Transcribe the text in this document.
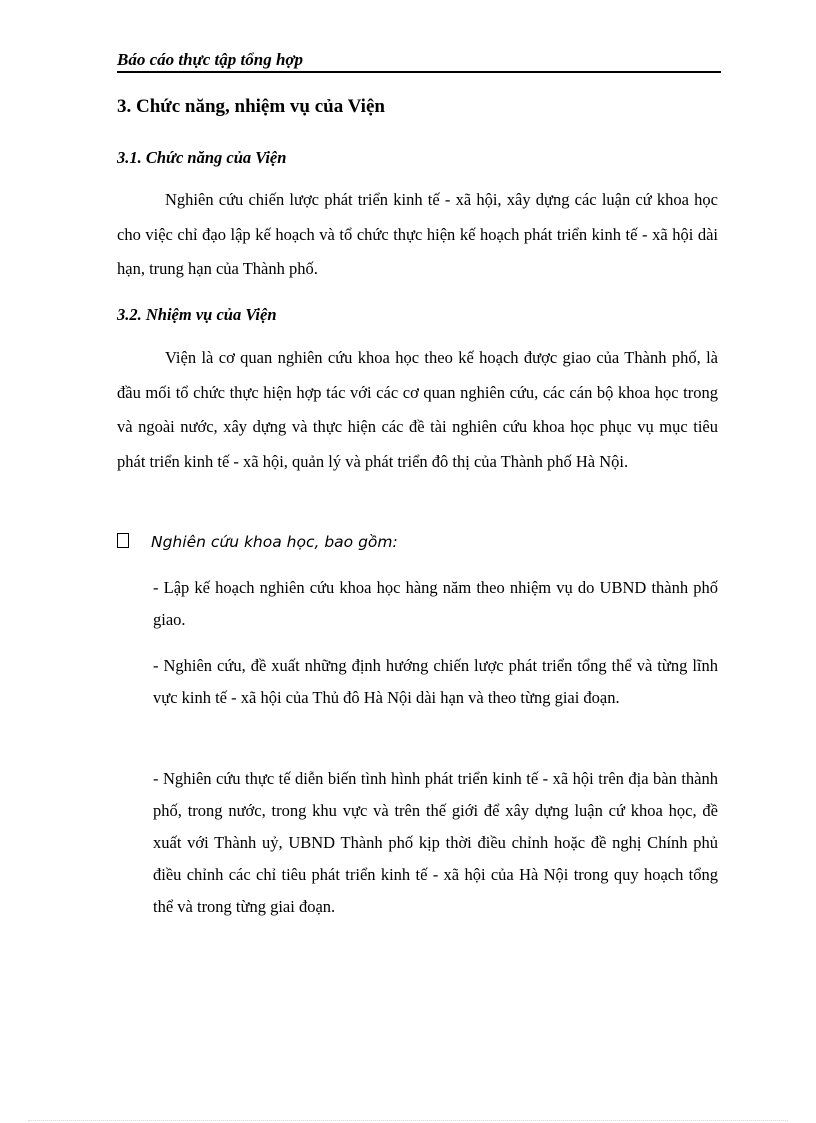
Báo cáo thực tập tổng hợp
3. Chức năng, nhiệm vụ của Viện
3.1. Chức năng của Viện

Nghiên cứu chiến lược phát triển kinh tế - xã hội, xây dựng các luận cứ khoa học cho việc chỉ đạo lập kế hoạch và tổ chức thực hiện kế hoạch phát triển kinh tế - xã hội dài hạn, trung hạn của Thành phố.

3.2. Nhiệm vụ của Viện

Viện là cơ quan nghiên cứu khoa học theo kế hoạch được giao của Thành phố, là đầu mối tổ chức thực hiện hợp tác với các cơ quan nghiên cứu, các cán bộ khoa học trong và ngoài nước, xây dựng và thực hiện các đề tài nghiên cứu khoa học phục vụ mục tiêu phát triển kinh tế - xã hội, quản lý và phát triển đô thị của Thành phố Hà Nội.

Nghiên cứu khoa học, bao gồm:

- Lập kế hoạch nghiên cứu khoa học hàng năm theo nhiệm vụ do UBND thành phố giao.

- Nghiên cứu, đề xuất những định hướng chiến lược phát triển tổng thể và từng lĩnh vực kinh tế - xã hội của Thủ đô Hà Nội dài hạn và theo từng giai đoạn.

- Nghiên cứu thực tế diễn biến tình hình phát triển kinh tế - xã hội trên địa bàn thành phố, trong nước, trong khu vực và trên thế giới để xây dựng luận cứ khoa học, đề xuất với Thành uỷ, UBND Thành phố kịp thời điều chỉnh hoặc đề nghị Chính phủ điều chỉnh các chỉ tiêu phát triển kinh tế - xã hội của Hà Nội trong quy hoạch tổng thể và trong từng giai đoạn.
